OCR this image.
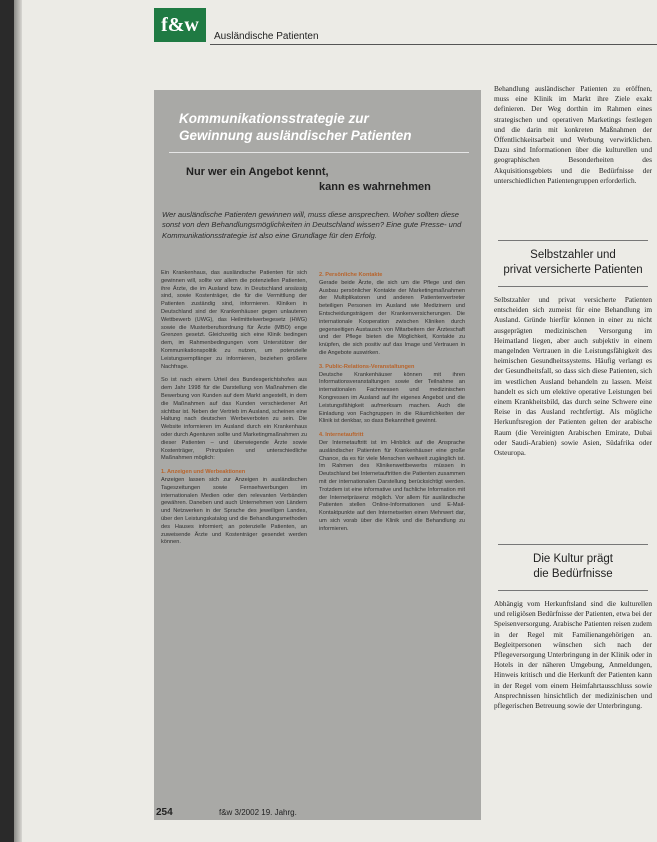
f&w
Ausländische Patienten
Kommunikationsstrategie zur
Gewinnung ausländischer Patienten
Nur wer ein Angebot kennt,
kann es wahrnehmen
Wer ausländische Patienten gewinnen will, muss diese ansprechen. Woher sollten diese sonst von den Behandlungsmöglichkeiten in Deutschland wissen? Eine gute Presse- und Kommunikationsstrategie ist also eine Grundlage für den Erfolg.

Ein Krankenhaus, das ausländische Patienten für sich gewinnen will, sollte vor allem die potenziellen Patienten, ihre Ärzte, die im Ausland bzw. in Deutschland ansässig sind, sowie Kostenträger, die für die Vermittlung der Patienten zuständig sind, informieren. Kliniken in Deutschland sind der Krankenhäuser gegen unlauteren Wettbewerb (UWG), das Heilmittelwerbegesetz (HWG) sowie die Musterberufsordnung für Ärzte (MBO) enge Grenzen gesetzt. Gleichzeitig sich eine Klinik bedingen dem, im Rahmenbedingungen vom Unterstützer der Kommunikationspolitik zu nutzen, um potenzielle Leistungsempfänger zu informieren, beziehen größere Nachfrage.

So ist nach einem Urteil des Bundesgerichtshofes aus dem Jahr 1998 für die Darstellung von Maßnahmen die Bewerbung von Kunden auf dem Markt angestellt, in dem die Maßnahmen auf das Kunden verschiedener Art sichtbar ist. Neben der Vertrieb im Ausland, scheinen eine Haltung nach deutschen Werbeverboten zu sein. Die Website informieren im Ausland durch ein Krankenhaus oder durch Agenturen sollte und Marketingmaßnahmen zu dieser Patienten – und überwiegende Ärzte sowie Kostenträger, Prinzipalen und unterschiedliche Maßnahmen möglich:

1. Anzeigen und Werbeaktionen

Anzeigen lassen sich zur Anzeigen in ausländischen Tageszeitungen sowie Fernsehwerbungen im internationalen Medien oder den relevanten Verbänden gewähren. Daneben und auch Unternehmen von Ländern und Netzwerken in der Sprache des jeweiligen Landes, über den Leistungskatalog und die Behandlungsmethoden des Hauses informiert; an potenzielle Patienten, an zuweisende Ärzte und Kostenträger gesendet werden können.

2. Persönliche Kontakte

Gerade beide Ärzte, die sich um die Pflege und den Ausbau persönlicher Kontakte der Marketingmaßnahmen der Multiplikatoren und anderen Patientenvertreter beteiligen Personen im Ausland wie Medizinern und Entscheidungsträgern der Krankenversicherungen. Die internationale Kooperation zwischen Kliniken durch gegenseitigen Austausch von Mitarbeitern der Ärzteschaft und der Pflege bieten die Möglichkeit, Kontakte zu knüpfen, die sich positiv auf das Image und Vertrauen in die Angebote auswirken.

3. Public-Relations-Veranstaltungen

Deutsche Krankenhäuser können mit ihren Informationsveranstaltungen sowie der Teilnahme an internationalen Fachmessen und medizinischen Kongressen im Ausland auf ihr eigenes Angebot und die Leistungsfähigkeit aufmerksam machen. Auch die Einladung von Fachgruppen in die Räumlichkeiten der Klinik ist denkbar, so dass Bekanntheit gewinnt.

4. Internetauftritt

Der Internetauftritt ist im Hinblick auf die Ansprache ausländischer Patienten für Krankenhäuser eine große Chance, da es für viele Menschen weltweit zugänglich ist. Im Rahmen des Klinikenwettbewerbs müssen in Deutschland bei Internetauftritten die Patienten zusammen mit der internationalen Darstellung berücksichtigt werden. Trotzdem ist eine informative und fachliche Information mit der Internetpräsenz möglich. Vor allem für ausländische Patienten stellen Online-Informationen und E-Mail-Kontaktpunkte auf den Internetseiten einen Mehrwert dar, um sich vorab über die Klinik und die Behandlung zu informieren.

Behandlung ausländischer Patienten zu eröffnen, muss eine Klinik im Markt ihre Ziele exakt definieren. Der Weg dorthin im Rahmen eines strategischen und operativen Marketings festlegen und die darin mit konkreten Maßnahmen der Öffentlichkeitsarbeit und Werbung verwirklichen. Dazu sind Informationen über die kulturellen und geographischen Besonderheiten des Akquisitionsgebiets und die Bedürfnisse der unterschiedlichen Patientengruppen erforderlich.

Selbstzahler und
privat versicherte Patienten

Selbstzahler und privat versicherte Patienten entscheiden sich zumeist für eine Behandlung im Ausland. Gründe hierfür können in einer zu nicht ausgeprägten medizinischen Versorgung im Heimatland liegen, aber auch subjektiv in einem mangelnden Vertrauen in die Leistungsfähigkeit des heimischen Gesundheitssystems. Häufig verlangt es der Gesundheitsfall, so dass sich diese Patienten, sich im westlichen Ausland behandeln zu lassen. Meist handelt es sich um elektive operative Leistungen bei einem Krankheitsbild, das durch seine Schwere eine Reise in das Ausland rechtfertigt. Als mögliche Herkunftsregion der Patienten gelten der arabische Raum (die Vereinigten Arabischen Emirate, Dubai oder Saudi-Arabien) sowie Asien, Südafrika oder Osteuropa.

Die Kultur prägt
die Bedürfnisse

Abhängig vom Herkunftsland sind die kulturellen und religiösen Bedürfnisse der Patienten, etwa bei der Speisenversorgung. Arabische Patienten reisen zudem in der Regel mit Familienangehörigen an. Begleitpersonen wünschen sich nach der Pflegeversorgung Unterbringung in der Klinik oder in Hotels in der näheren Umgebung, Anmeldungen, Hinweis kritisch und die Herkunft der Patienten kann in der Regel vom einem Heimfahrtausschluss sowie Ansprechnissen hinsichtlich der medizinischen und pflegerischen Betreuung sowie der Unterbringung.

254	f&w 3/2002 19. Jahrg.
